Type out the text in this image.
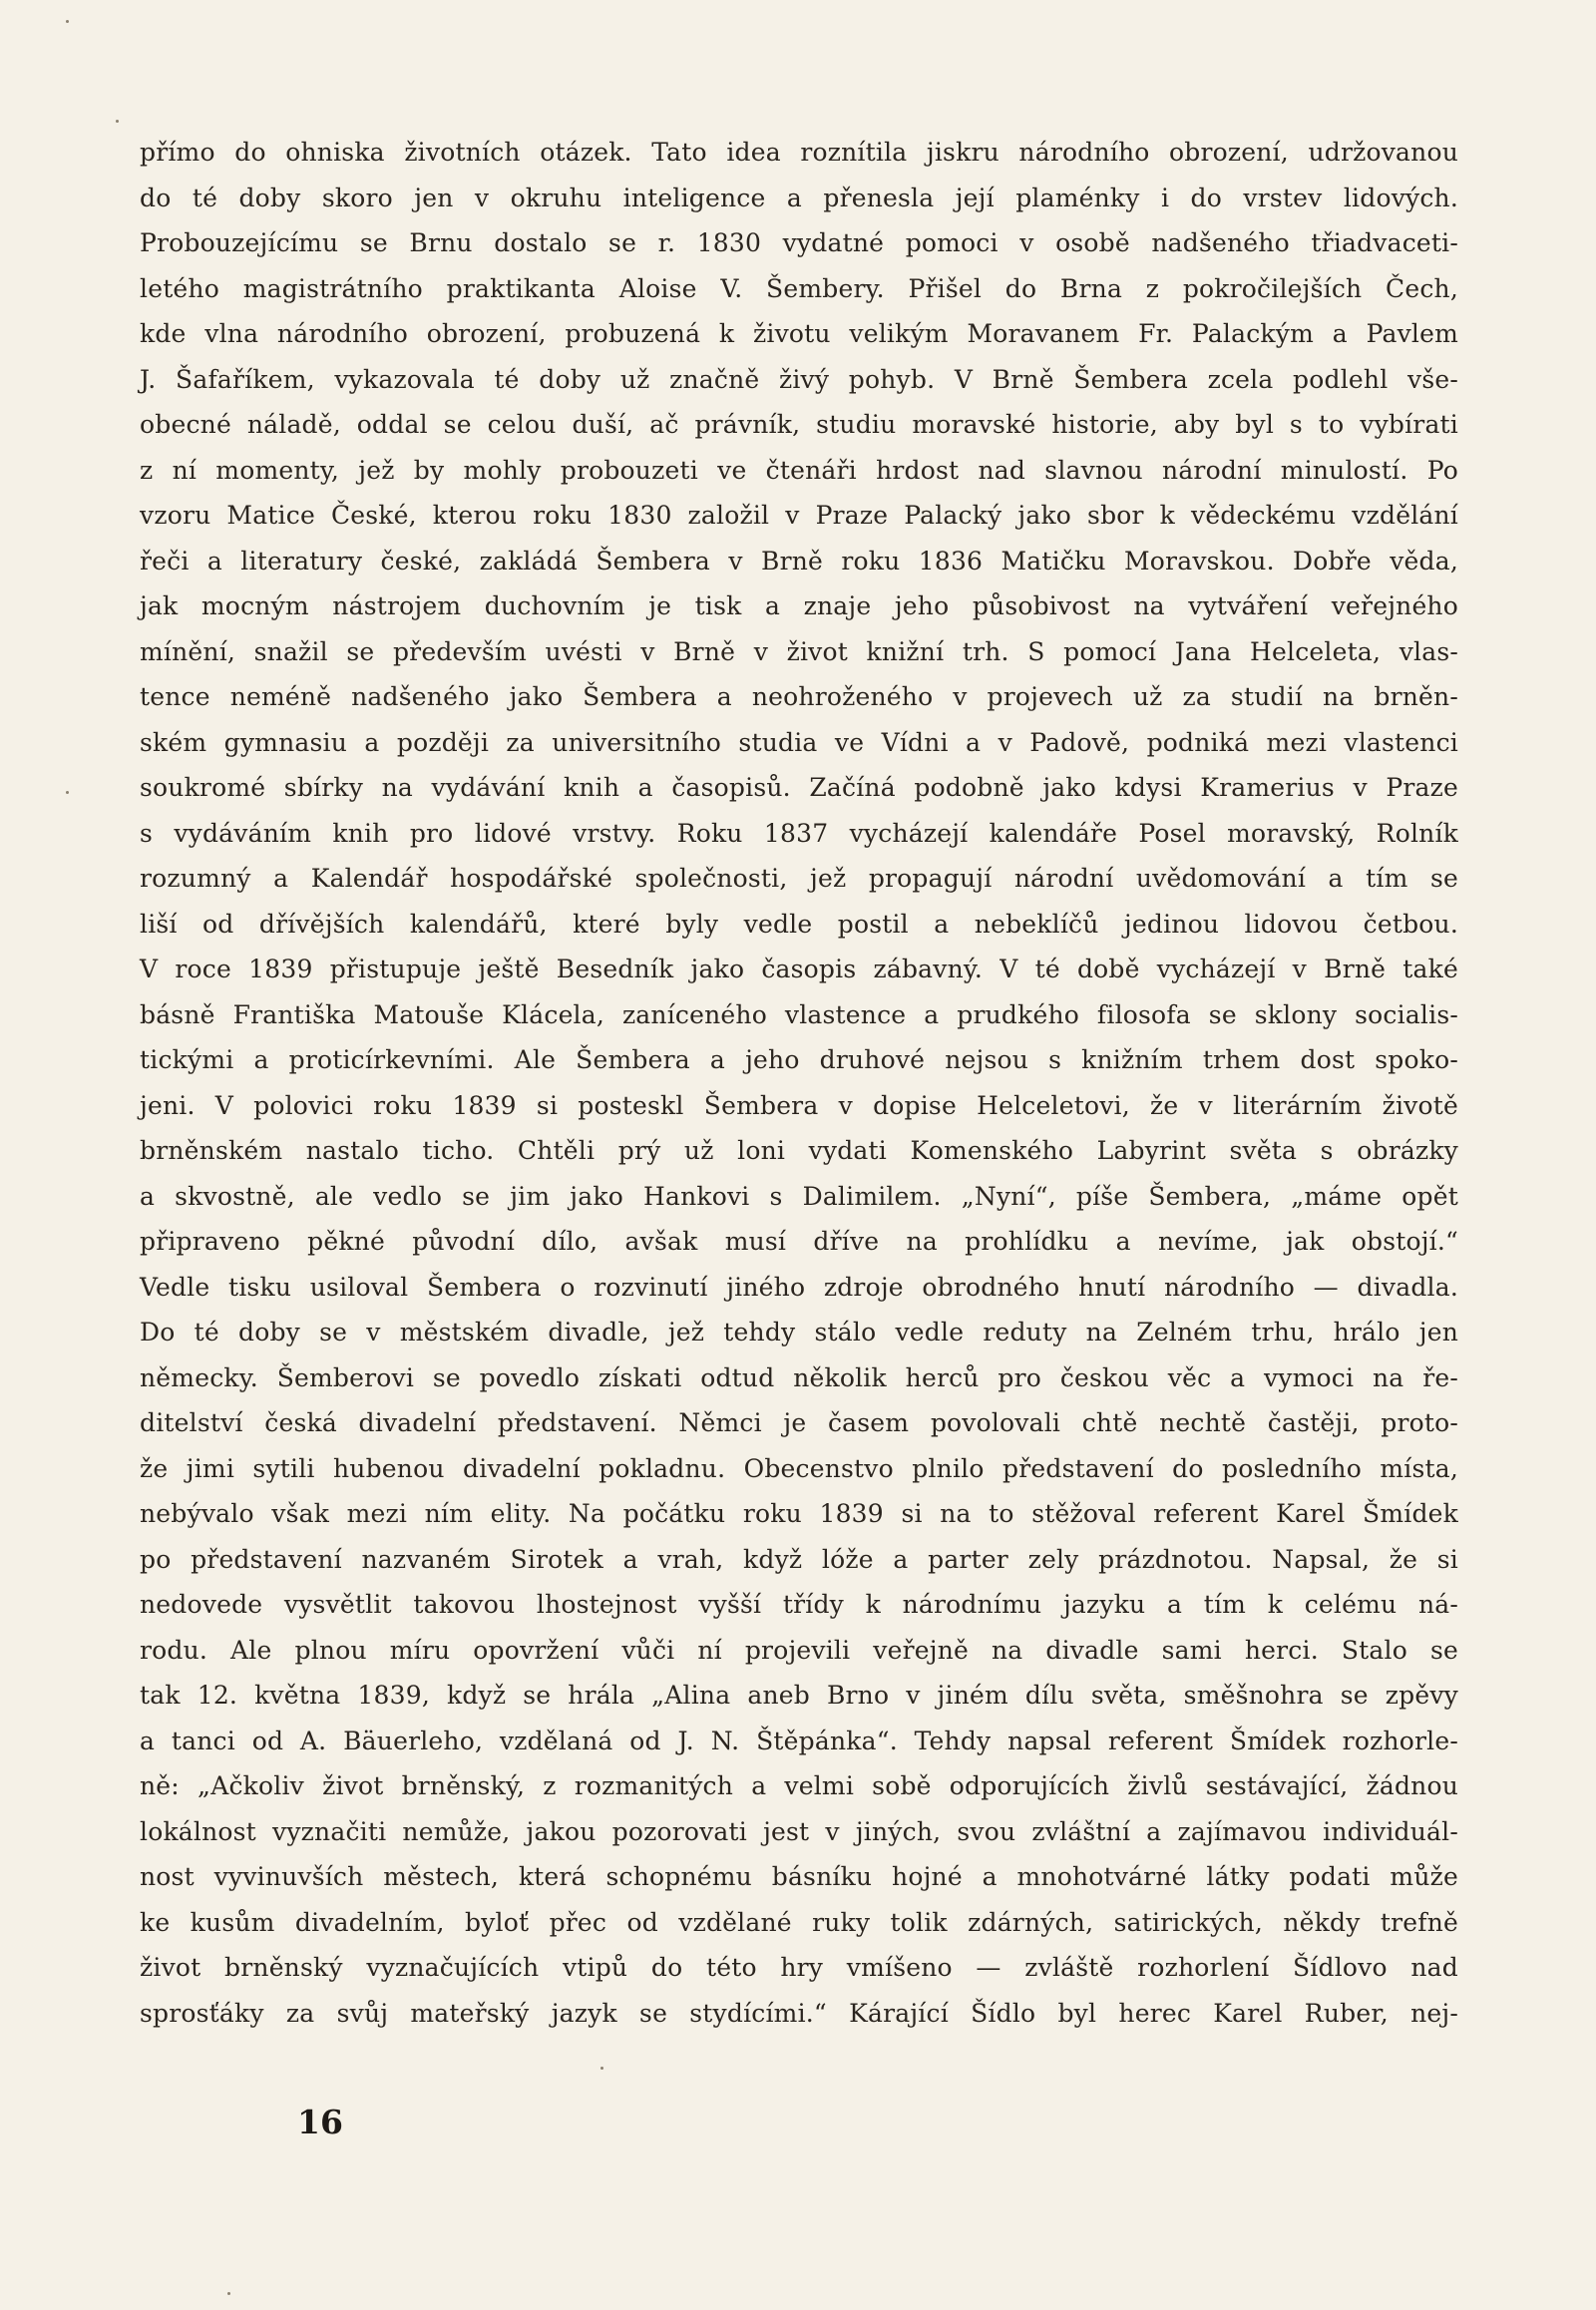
přímo do ohniska životních otázek. Tato idea roznítila jiskru národního obrození, udržovanou
do té doby skoro jen v okruhu inteligence a přenesla její plaménky i do vrstev lidových.
Probouzejícímu se Brnu dostalo se r. 1830 vydatné pomoci v osobě nadšeného třiadvaceti-
letého magistrátního praktikanta Aloise V. Šembery. Přišel do Brna z pokročilejších Čech,
kde vlna národního obrození, probuzená k životu velikým Moravanem Fr. Palackým a Pavlem
J. Šafaříkem, vykazovala té doby už značně živý pohyb. V Brně Šembera zcela podlehl vše-
obecné náladě, oddal se celou duší, ač právník, studiu moravské historie, aby byl s to vybírati
z ní momenty, jež by mohly probouzeti ve čtenáři hrdost nad slavnou národní minulostí. Po
vzoru Matice České, kterou roku 1830 založil v Praze Palacký jako sbor k vědeckému vzdělání
řeči a literatury české, zakládá Šembera v Brně roku 1836 Matičku Moravskou. Dobře věda,
jak mocným nástrojem duchovním je tisk a znaje jeho působivost na vytváření veřejného
mínění, snažil se především uvésti v Brně v život knižní trh. S pomocí Jana Helceleta, vlas-
tence neméně nadšeného jako Šembera a neohroženého v projevech už za studií na brněn-
ském gymnasiu a později za universitního studia ve Vídni a v Padově, podniká mezi vlastenci
soukromé sbírky na vydávání knih a časopisů. Začíná podobně jako kdysi Kramerius v Praze
s vydáváním knih pro lidové vrstvy. Roku 1837 vycházejí kalendáře Posel moravský, Rolník
rozumný a Kalendář hospodářské společnosti, jež propagují národní uvědomování a tím se
liší od dřívějších kalendářů, které byly vedle postil a nebeklíčů jedinou lidovou četbou.
V roce 1839 přistupuje ještě Besedník jako časopis zábavný. V té době vycházejí v Brně také
básně Františka Matouše Klácela, zaníceného vlastence a prudkého filosofa se sklony socialis-
tickými a proticírkevními. Ale Šembera a jeho druhové nejsou s knižním trhem dost spoko-
jeni. V polovici roku 1839 si posteskl Šembera v dopise Helceletovi, že v literárním životě
brněnském nastalo ticho. Chtěli prý už loni vydati Komenského Labyrint světa s obrázky
a skvostně, ale vedlo se jim jako Hankovi s Dalimilem. „Nyní“, píše Šembera, „máme opět
připraveno pěkné původní dílo, avšak musí dříve na prohlídku a nevíme, jak obstojí.“
Vedle tisku usiloval Šembera o rozvinutí jiného zdroje obrodného hnutí národního — divadla.
Do té doby se v městském divadle, jež tehdy stálo vedle reduty na Zelném trhu, hrálo jen
německy. Šemberovi se povedlo získati odtud několik herců pro českou věc a vymoci na ře-
ditelství česká divadelní představení. Němci je časem povolovali chtě nechtě častěji, proto-
že jimi sytili hubenou divadelní pokladnu. Obecenstvo plnilo představení do posledního místa,
nebývalo však mezi ním elity. Na počátku roku 1839 si na to stěžoval referent Karel Šmídek
po představení nazvaném Sirotek a vrah, když lóže a parter zely prázdnotou. Napsal, že si
nedovede vysvětlit takovou lhostejnost vyšší třídy k národnímu jazyku a tím k celému ná-
rodu. Ale plnou míru opovržení vůči ní projevili veřejně na divadle sami herci. Stalo se
tak 12. května 1839, když se hrála „Alina aneb Brno v jiném dílu světa, směšnohra se zpěvy
a tanci od A. Bäuerleho, vzdělaná od J. N. Štěpánka“. Tehdy napsal referent Šmídek rozhorle-
ně: „Ačkoliv život brněnský, z rozmanitých a velmi sobě odporujících živlů sestávající, žádnou
lokálnost vyznačiti nemůže, jakou pozorovati jest v jiných, svou zvláštní a zajímavou individuál-
nost vyvinuvších městech, která schopnému básníku hojné a mnohotvárné látky podati může
ke kusům divadelním, byloť přec od vzdělané ruky tolik zdárných, satirických, někdy trefně
život brněnský vyznačujících vtipů do této hry vmíšeno — zvláště rozhorlení Šídlovo nad
sprosťáky za svůj mateřský jazyk se stydícími.“ Kárající Šídlo byl herec Karel Ruber, nej-
16
